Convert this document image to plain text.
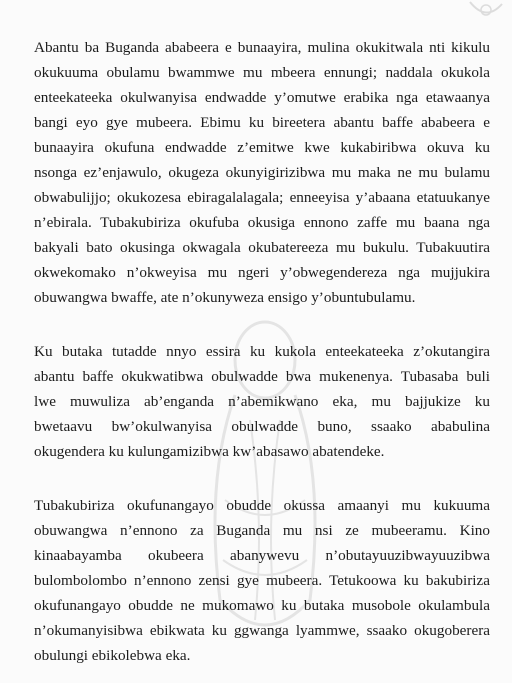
Abantu ba Buganda ababeera e bunaayira, mulina okukitwala nti kikulu
okukuuma obulamu bwammwe mu mbeera ennungi; naddala okukola
enteekateeka okulwanyisa endwadde y’omutwe erabika nga etawaanya
bangi eyo gye mubeera. Ebimu ku bireetera abantu baffe ababeera e
bunaayira okufuna endwadde z’emitwe kwe kukabiribwa okuva ku
nsonga ez’enjawulo, okugeza okunyigirizibwa mu maka ne mu bulamu
obwabulijjo; okukozesa ebiragalalagala; enneeyisa y’abaana etatuukanye
n’ebirala. Tubakubiriza okufuba okusiga ennono zaffe mu baana nga
bakyali bato okusinga okwagala okubatereeza mu bukulu. Tubakuutira
okwekomako n’okweyisa mu ngeri y’obwegendereza nga mujjukira
obuwangwa bwaffe, ate n’okunyweza ensigo y’obuntubulamu.
Ku butaka tutadde nnyo essira ku kukola enteekateeka z’okutangira
abantu baffe okukwatibwa obulwadde bwa mukenenya. Tubasaba buli
lwe muwuliza ab’enganda n’abemikwano eka, mu bajjukize ku
bwetaavu bw’okulwanyisa obulwadde buno, ssaako ababulina
okugendera ku kulungamizibwa kw’abasawo abatendeke.
Tubakubiriza okufunangayo obudde okussa amaanyi mu kukuuma
obuwangwa n’ennono za Buganda mu nsi ze mubeeramu. Kino
kinaabayamba okubeera abanywevu n’obutayuuzibwayuuzibwa
bulombolombo n’ennono zensi gye mubeera. Tetukoowa ku bakubiriza
okufunangayo obudde ne mukomawo ku butaka musobole okulambula
n’okumanyisibwa ebikwata ku ggwanga lyammwe, ssaako okugoberera
obulungi ebikolebwa eka.
